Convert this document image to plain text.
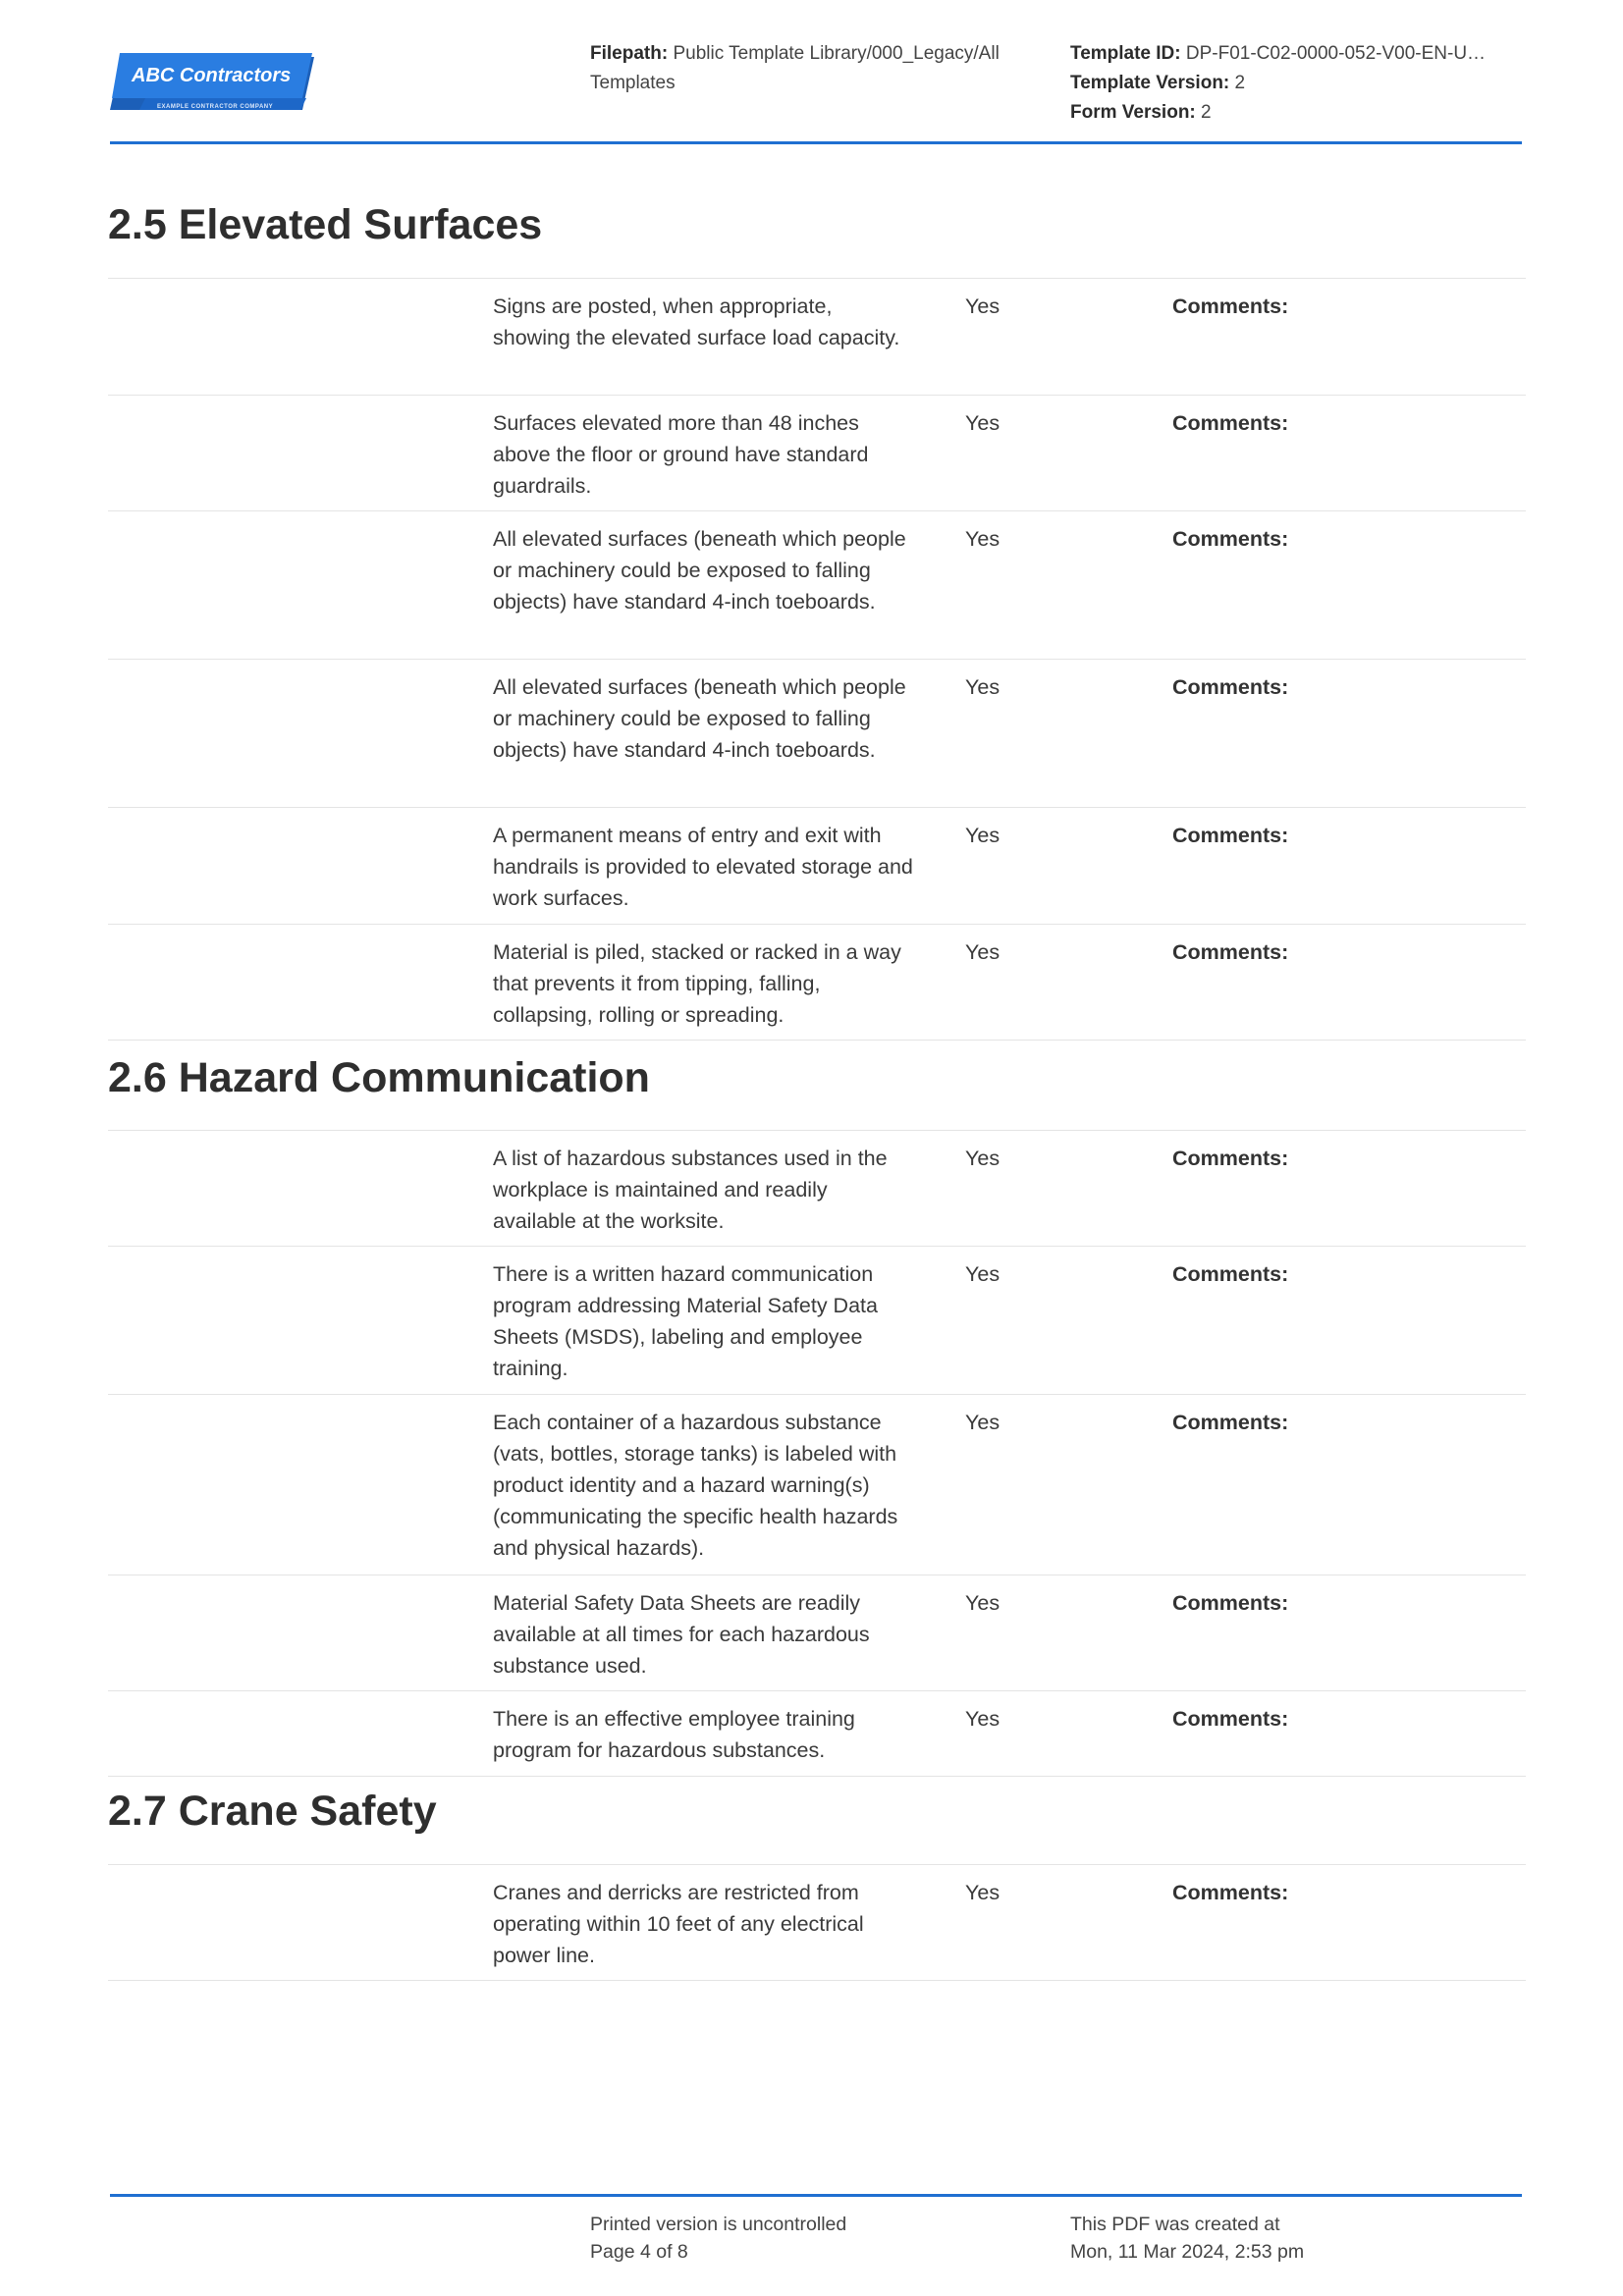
ABC Contractors
EXAMPLE CONTRACTOR COMPANY
Filepath: Public Template Library/000_Legacy/All Templates
Template ID: DP-F01-C02-0000-052-V00-EN-U…
Template Version: 2
Form Version: 2
2.5 Elevated Surfaces
Signs are posted, when appropriate, showing the elevated surface load capacity.
Yes	Comments:
Surfaces elevated more than 48 inches above the floor or ground have standard guardrails.
Yes	Comments:
All elevated surfaces (beneath which people or machinery could be exposed to falling objects) have standard 4-inch toeboards.
Yes	Comments:
All elevated surfaces (beneath which people or machinery could be exposed to falling objects) have standard 4-inch toeboards.
Yes	Comments:
A permanent means of entry and exit with handrails is provided to elevated storage and work surfaces.
Yes	Comments:
Material is piled, stacked or racked in a way that prevents it from tipping, falling, collapsing, rolling or spreading.
Yes	Comments:
2.6 Hazard Communication
A list of hazardous substances used in the workplace is maintained and readily available at the worksite.
Yes	Comments:
There is a written hazard communication program addressing Material Safety Data Sheets (MSDS), labeling and employee training.
Yes	Comments:
Each container of a hazardous substance (vats, bottles, storage tanks) is labeled with product identity and a hazard warning(s) (communicating the specific health hazards and physical hazards).
Yes	Comments:
Material Safety Data Sheets are readily available at all times for each hazardous substance used.
Yes	Comments:
There is an effective employee training program for hazardous substances.
Yes	Comments:
2.7 Crane Safety
Cranes and derricks are restricted from operating within 10 feet of any electrical power line.
Yes	Comments:
Printed version is uncontrolled
Page 4 of 8
This PDF was created at
Mon, 11 Mar 2024, 2:53 pm
